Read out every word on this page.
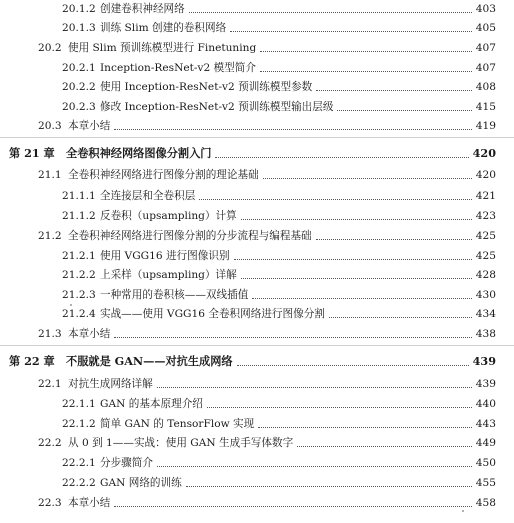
20.1.2 创建卷积神经网络	403
20.1.3 训练 Slim 创建的卷积网络	405
20.2 使用 Slim 预训练模型进行 Finetuning	407
20.2.1 Inception-ResNet-v2 模型简介	407
20.2.2 使用 Inception-ResNet-v2 预训练模型参数	408
20.2.3 修改 Inception-ResNet-v2 预训练模型输出层级	415
20.3 本章小结	419
第 21 章 全卷积神经网络图像分割入门	420
21.1 全卷积神经网络进行图像分割的理论基础	420
21.1.1 全连接层和全卷积层	421
21.1.2 反卷积（upsampling）计算	423
21.2 全卷积神经网络进行图像分割的分步流程与编程基础	425
21.2.1 使用 VGG16 进行图像识别	425
21.2.2 上采样（upsampling）详解	428
21.2.3 一种常用的卷积核——双线插值	430
21.2.4 实战——使用 VGG16 全卷积网络进行图像分割	434
21.3 本章小结	438
第 22 章 不服就是 GAN——对抗生成网络	439
22.1 对抗生成网络详解	439
22.1.1 GAN 的基本原理介绍	440
22.1.2 简单 GAN 的 TensorFlow 实现	443
22.2 从 0 到 1——实战：使用 GAN 生成手写体数字	449
22.2.1 分步骤简介	450
22.2.2 GAN 网络的训练	455
22.3 本章小结	458
